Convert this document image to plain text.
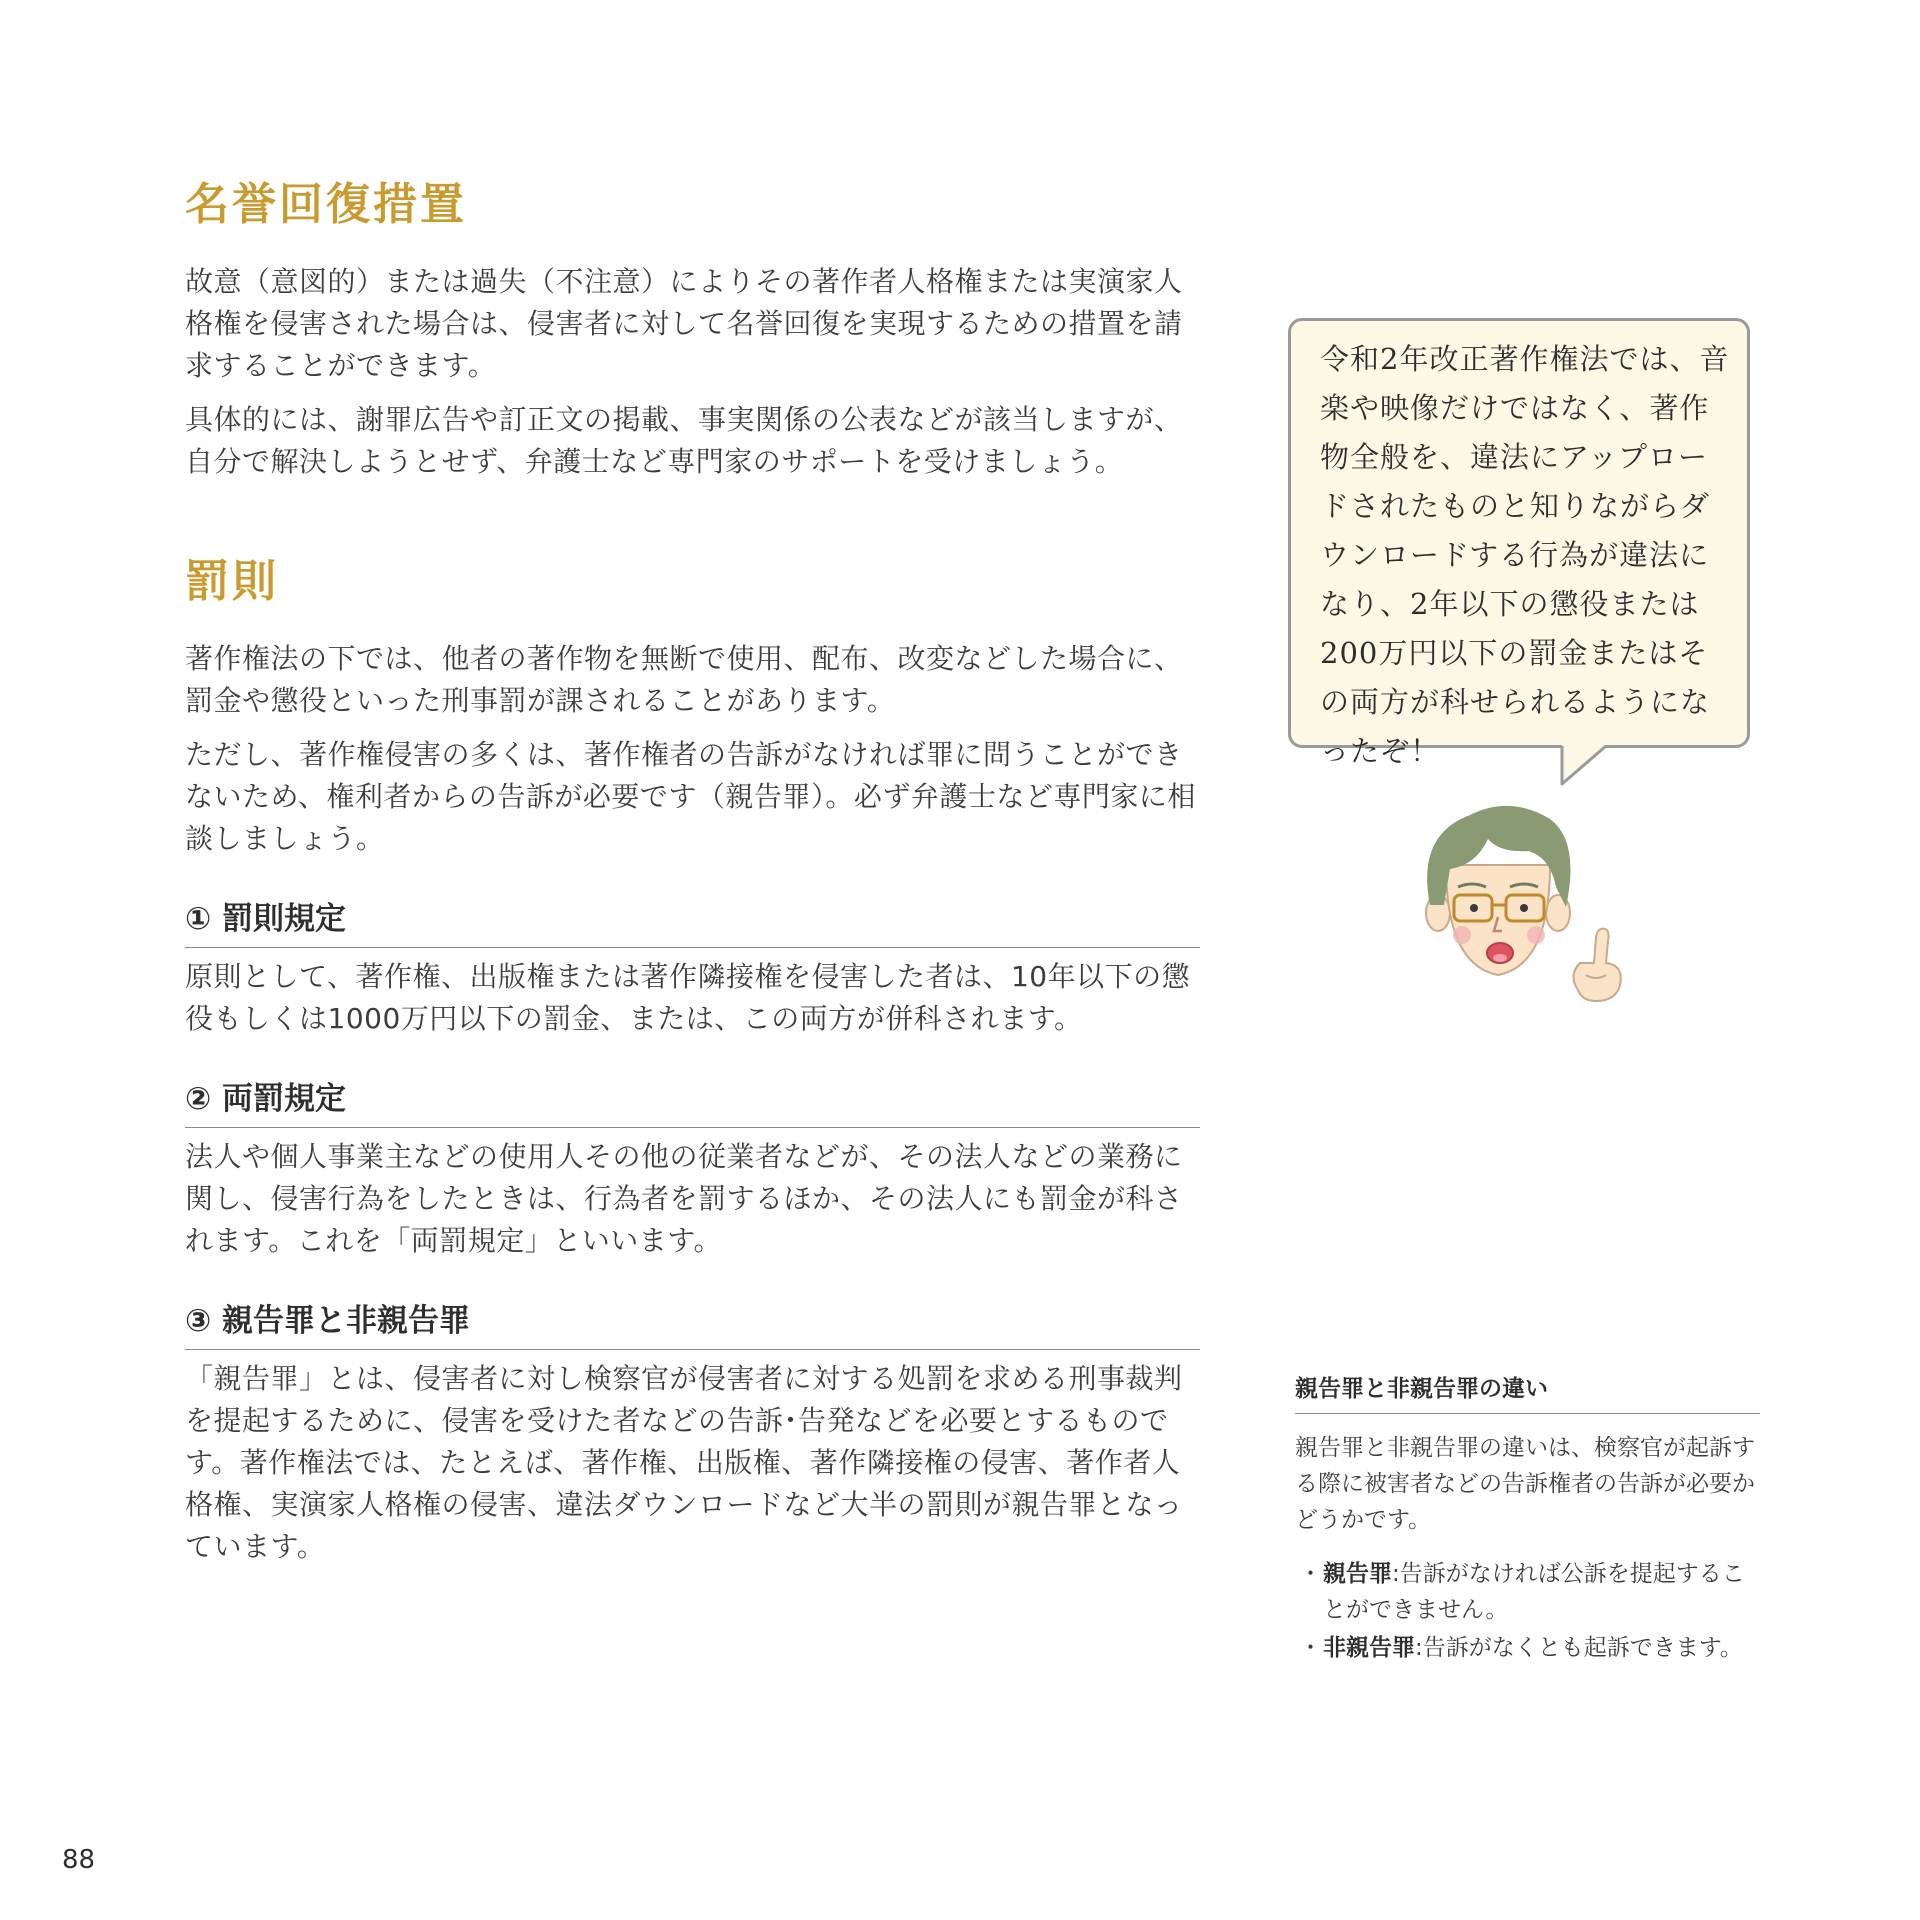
名誉回復措置

故意（意図的）または過失（不注意）によりその著作者人格権または実演家人格権を侵害された場合は、侵害者に対して名誉回復を実現するための措置を請求することができます。

具体的には、謝罪広告や訂正文の掲載、事実関係の公表などが該当しますが、自分で解決しようとせず、弁護士など専門家のサポートを受けましょう。

罰則

著作権法の下では、他者の著作物を無断で使用、配布、改変などした場合に、罰金や懲役といった刑事罰が課されることがあります。

ただし、著作権侵害の多くは、著作権者の告訴がなければ罪に問うことができないため、権利者からの告訴が必要です（親告罪）。必ず弁護士など専門家に相談しましょう。

① 罰則規定

原則として、著作権、出版権または著作隣接権を侵害した者は、10年以下の懲役もしくは1000万円以下の罰金、または、この両方が併科されます。

② 両罰規定

法人や個人事業主などの使用人その他の従業者などが、その法人などの業務に関し、侵害行為をしたときは、行為者を罰するほか、その法人にも罰金が科されます。これを「両罰規定」といいます。

③ 親告罪と非親告罪

「親告罪」とは、侵害者に対し検察官が侵害者に対する処罰を求める刑事裁判を提起するために、侵害を受けた者などの告訴･告発などを必要とするものです。著作権法では、たとえば、著作権、出版権、著作隣接権の侵害、著作者人格権、実演家人格権の侵害、違法ダウンロードなど大半の罰則が親告罪となっています。

令和2年改正著作権法では、音楽や映像だけではなく、著作物全般を、違法にアップロードされたものと知りながらダウンロードする行為が違法になり、2年以下の懲役または200万円以下の罰金またはその両方が科せられるようになったぞ！
親告罪と非親告罪の違い

親告罪と非親告罪の違いは、検察官が起訴する際に被害者などの告訴権者の告訴が必要かどうかです。

・ 親告罪:告訴がなければ公訴を提起することができません。
・ 非親告罪:告訴がなくとも起訴できます。
88
